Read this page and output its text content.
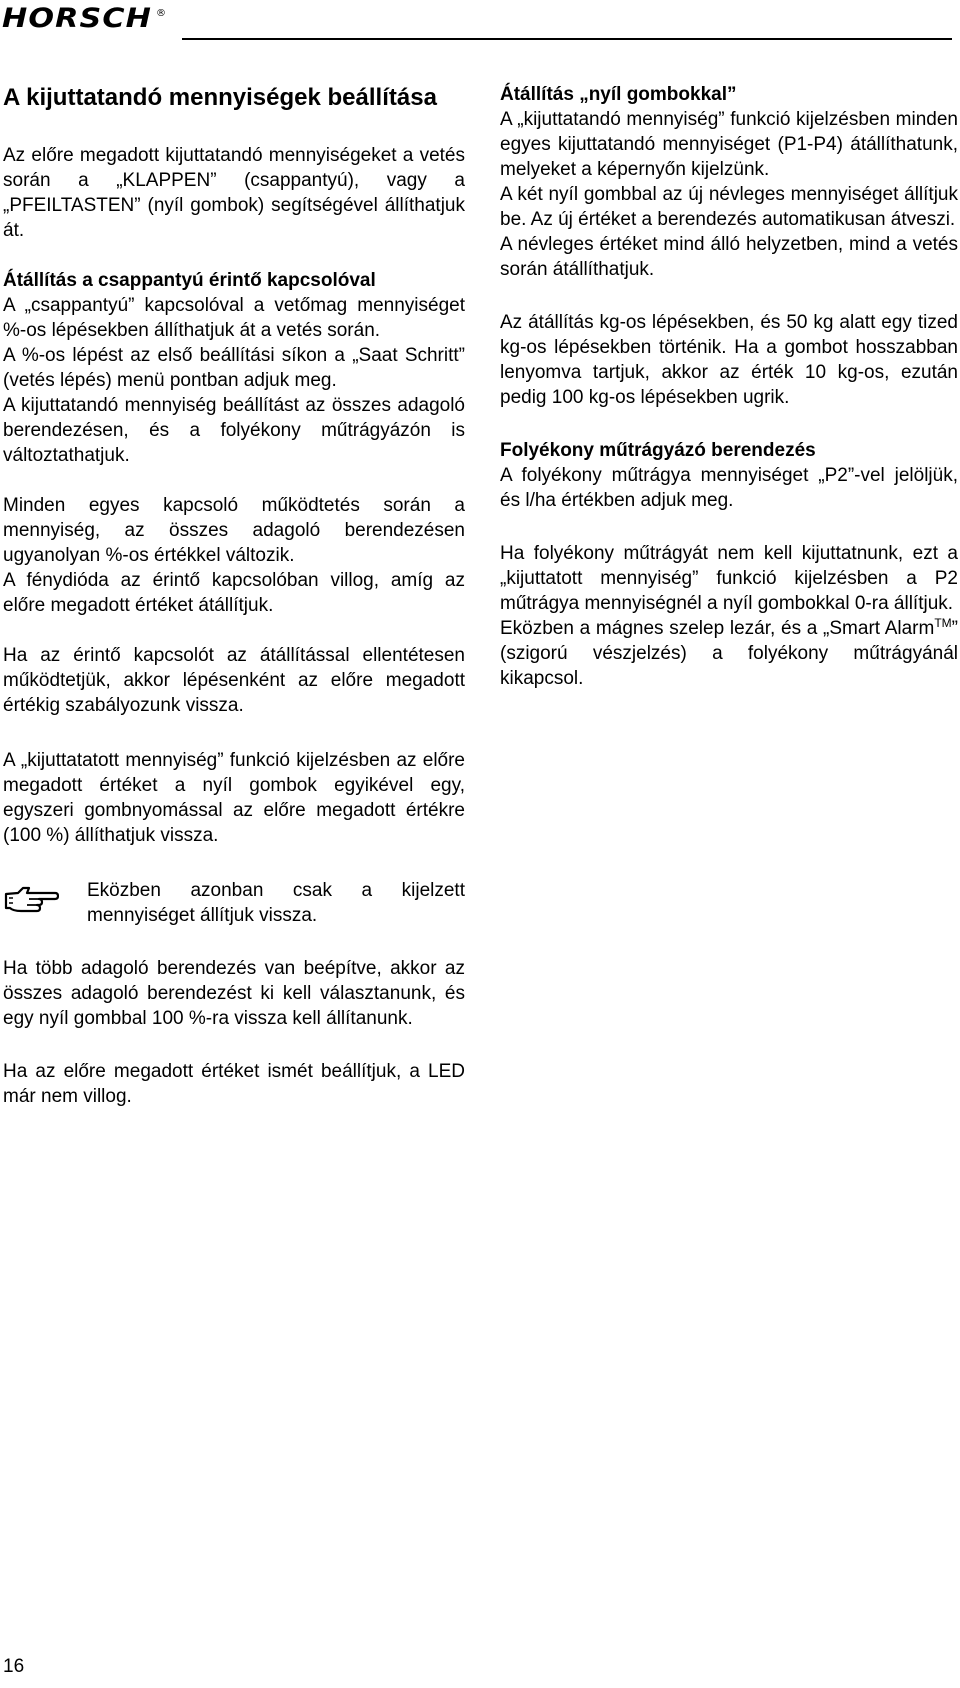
HORSCH ®
A kijuttatandó mennyiségek beállítása

Az előre megadott kijuttatandó mennyiségeket a vetés során a „KLAPPEN” (csappantyú), vagy a „PFEILTASTEN” (nyíl gombok) segítségével állíthatjuk át.

Átállítás a csappantyú érintő kapcsolóval

A „csappantyú” kapcsolóval a vetőmag mennyiséget %-os lépésekben állíthatjuk át a vetés során.

A %-os lépést az első beállítási síkon a „Saat Schritt” (vetés lépés) menü pontban adjuk meg.

A kijuttatandó mennyiség beállítást az összes adagoló berendezésen, és a folyékony műtrágyázón is változtathatjuk.

Minden egyes kapcsoló működtetés során a mennyiség, az összes adagoló berendezésen ugyanolyan %-os értékkel változik.

A fénydióda az érintő kapcsolóban villog, amíg az előre megadott értéket átállítjuk.

Ha az érintő kapcsolót az átállítással ellentétesen működtetjük, akkor lépésenként az előre megadott értékig szabályozunk vissza.

A „kijuttatatott mennyiség” funkció kijelzésben az előre megadott értéket a nyíl gombok egyikével egy, egyszeri gombnyomással az előre megadott értékre (100 %) állíthatjuk vissza.

Eközben azonban csak a kijelzett mennyiséget állítjuk vissza.

Ha több adagoló berendezés van beépítve, akkor az összes adagoló berendezést ki kell választanunk, és egy nyíl gombbal 100 %-ra vissza kell állítanunk.

Ha az előre megadott értéket ismét beállítjuk, a LED már nem villog.

Átállítás „nyíl gombokkal”

A „kijuttatandó mennyiség” funkció kijelzésben minden egyes kijuttatandó mennyiséget (P1-P4) átállíthatunk, melyeket a képernyőn kijelzünk.

A két nyíl gombbal az új névleges mennyiséget állítjuk be. Az új értéket a berendezés automatikusan átveszi.

A névleges értéket mind álló helyzetben, mind a vetés során átállíthatjuk.

Az átállítás kg-os lépésekben, és 50 kg alatt egy tized kg-os lépésekben történik. Ha a gombot hosszabban lenyomva tartjuk, akkor az érték 10 kg-os, ezután pedig 100 kg-os lépésekben ugrik.

Folyékony műtrágyázó berendezés

A folyékony műtrágya mennyiséget „P2”-vel jelöljük, és l/ha értékben adjuk meg.

Ha folyékony műtrágyát nem kell kijuttatnunk, ezt a „kijuttatott mennyiség” funkció kijelzésben a P2 műtrágya mennyiségnél a nyíl gombokkal 0-ra állítjuk.

Eközben a mágnes szelep lezár, és a „Smart Alarm™” (szigorú vészjelzés) a folyékony műtrágyánál kikapcsol.

16
